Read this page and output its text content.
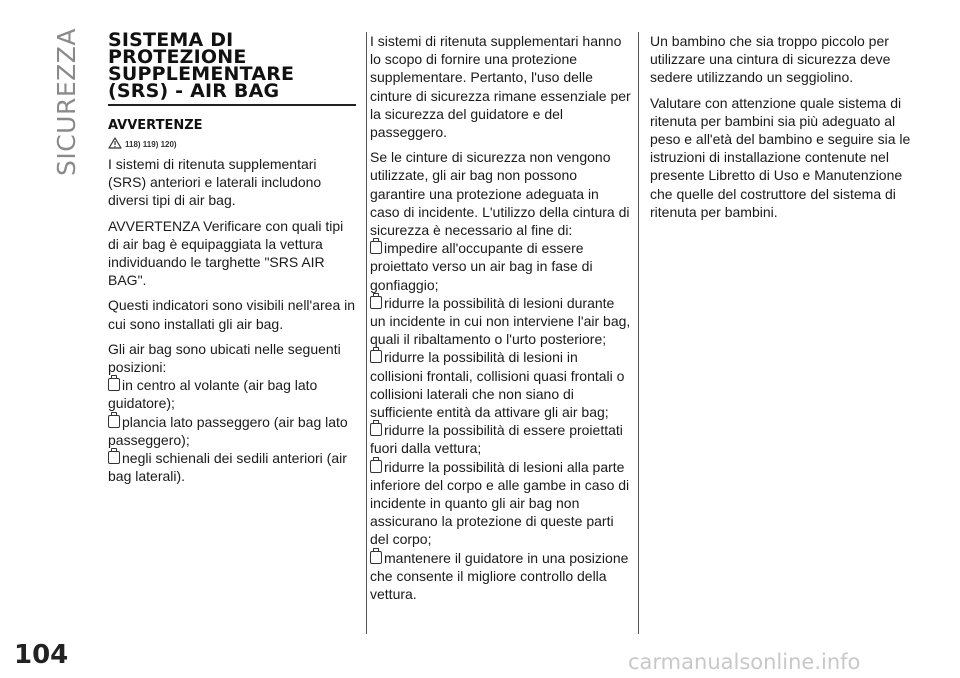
SICUREZZA SISTEMA DI
PROTEZIONE
SUPPLEMENTARE
(SRS) - AIR BAG
AVVERTENZE
118) 119) 120)

I sistemi di ritenuta supplementari (SRS) anteriori e laterali includono diversi tipi di air bag.

AVVERTENZA Verificare con quali tipi di air bag è equipaggiata la vettura individuando le targhette "SRS AIR BAG".

Questi indicatori sono visibili nell'area in cui sono installati gli air bag.

Gli air bag sono ubicati nelle seguenti posizioni:

in centro al volante (air bag lato guidatore);

plancia lato passeggero (air bag lato passeggero);

negli schienali dei sedili anteriori (air bag laterali).

I sistemi di ritenuta supplementari hanno lo scopo di fornire una protezione supplementare. Pertanto, l'uso delle cinture di sicurezza rimane essenziale per la sicurezza del guidatore e del passeggero.

Se le cinture di sicurezza non vengono utilizzate, gli air bag non possono garantire una protezione adeguata in caso di incidente. L'utilizzo della cintura di sicurezza è necessario al fine di:

impedire all'occupante di essere proiettato verso un air bag in fase di gonfiaggio;

ridurre la possibilità di lesioni durante un incidente in cui non interviene l'air bag, quali il ribaltamento o l'urto posteriore;

ridurre la possibilità di lesioni in collisioni frontali, collisioni quasi frontali o collisioni laterali che non siano di sufficiente entità da attivare gli air bag;

ridurre la possibilità di essere proiettati fuori dalla vettura;

ridurre la possibilità di lesioni alla parte inferiore del corpo e alle gambe in caso di incidente in quanto gli air bag non assicurano la protezione di queste parti del corpo;

mantenere il guidatore in una posizione che consente il migliore controllo della vettura.

Un bambino che sia troppo piccolo per utilizzare una cintura di sicurezza deve sedere utilizzando un seggiolino.

Valutare con attenzione quale sistema di ritenuta per bambini sia più adeguato al peso e all'età del bambino e seguire sia le istruzioni di installazione contenute nel presente Libretto di Uso e Manutenzione che quelle del costruttore del sistema di ritenuta per bambini.

104	carmanualsonline.info
